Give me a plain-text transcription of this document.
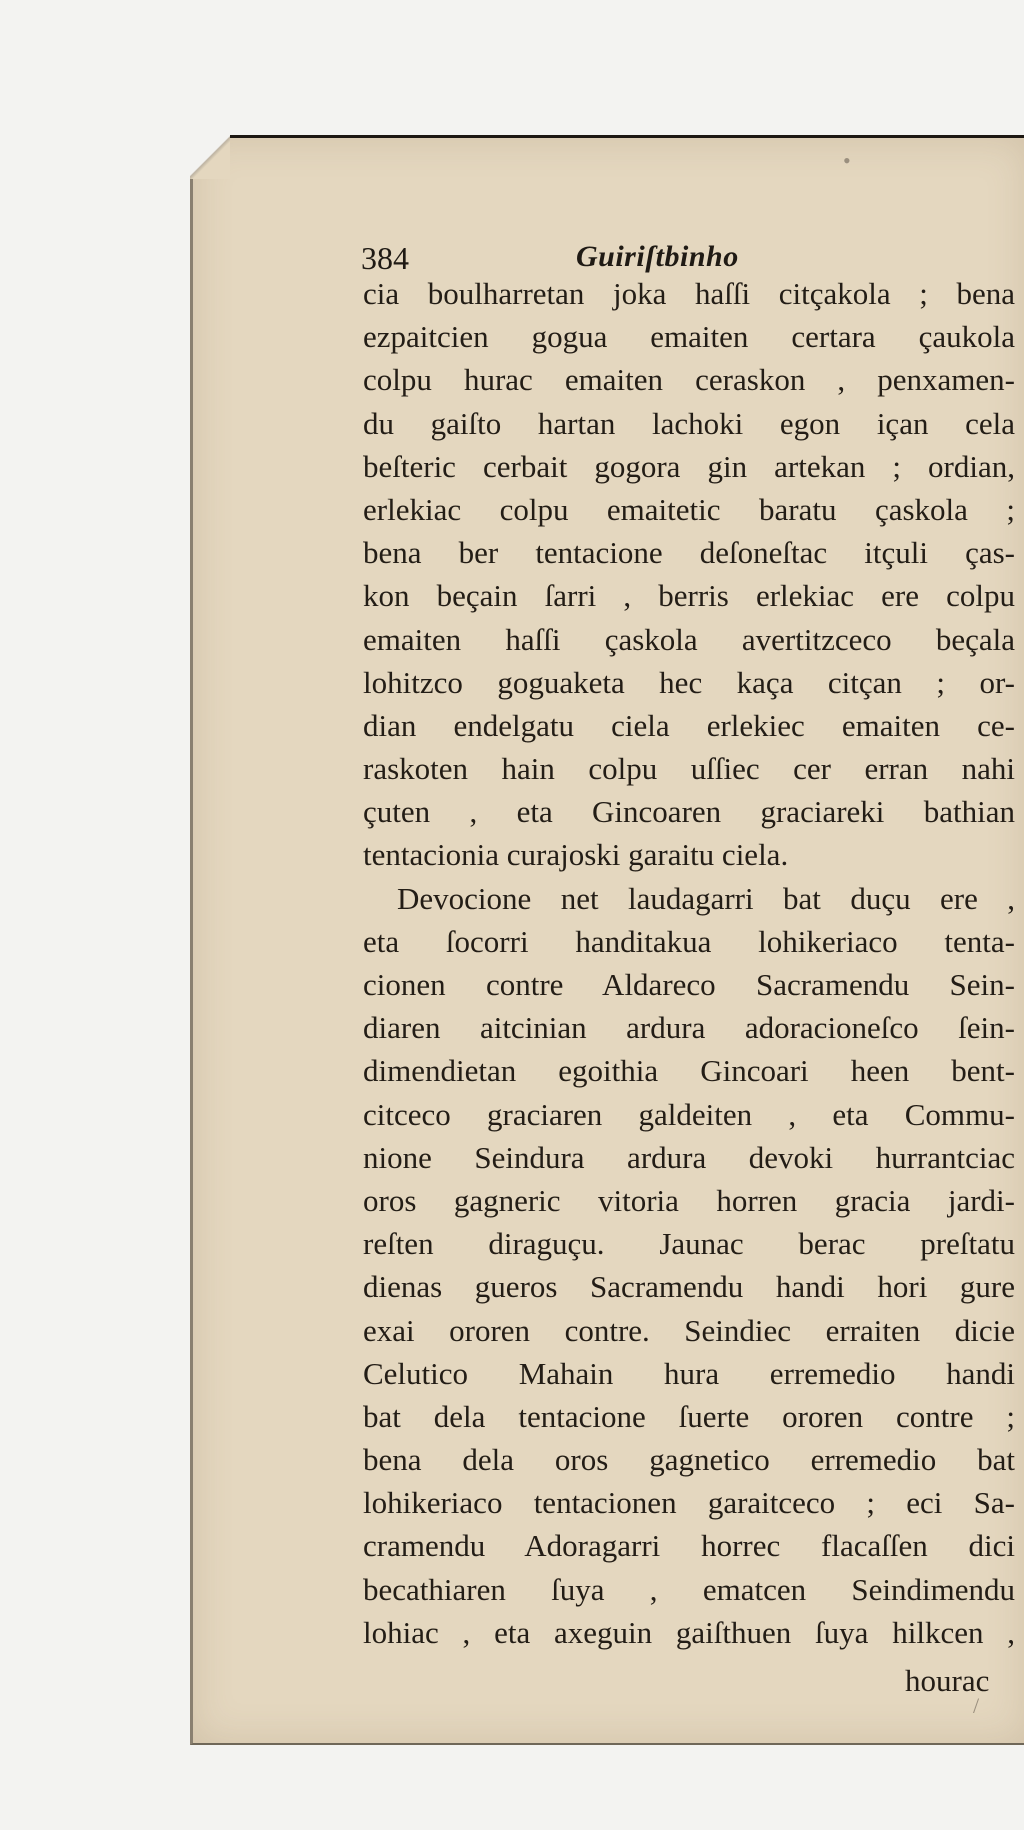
384	Guiriſtbinho
cia boulharretan joka haſſi citçakola ; bena
ezpaitcien gogua emaiten certara çaukola
colpu hurac emaiten ceraskon , penxamen-
du gaiſto hartan lachoki egon içan cela
beſteric cerbait gogora gin artekan ; ordian,
erlekiac colpu emaitetic baratu çaskola ;
bena ber tentacione deſoneſtac itçuli ças-
kon beçain ſarri , berris erlekiac ere colpu
emaiten haſſi çaskola avertitzceco beçala
lohitzco goguaketa hec kaça citçan ; or-
dian endelgatu ciela erlekiec emaiten ce-
raskoten hain colpu uſſiec cer erran nahi
çuten , eta Gincoaren graciareki bathian
tentacionia curajoski garaitu ciela.
Devocione net laudagarri bat duçu ere ,
eta ſocorri handitakua lohikeriaco tenta-
cionen contre Aldareco Sacramendu Sein-
diaren aitcinian ardura adoracioneſco ſein-
dimendietan egoithia Gincoari heen bent-
citceco graciaren galdeiten , eta Commu-
nione Seindura ardura devoki hurrantciac
oros gagneric vitoria horren gracia jardi-
reſten diraguçu. Jaunac berac preſtatu
dienas gueros Sacramendu handi hori gure
exai ororen contre. Seindiec erraiten dicie
Celutico Mahain hura erremedio handi
bat dela tentacione ſuerte ororen contre ;
bena dela oros gagnetico erremedio bat
lohikeriaco tentacionen garaitceco ; eci Sa-
cramendu Adoragarri horrec flacaſſen dici
becathiaren ſuya , ematcen Seindimendu
lohiac , eta axeguin gaiſthuen ſuya hilkcen ,
hourac
•
/
